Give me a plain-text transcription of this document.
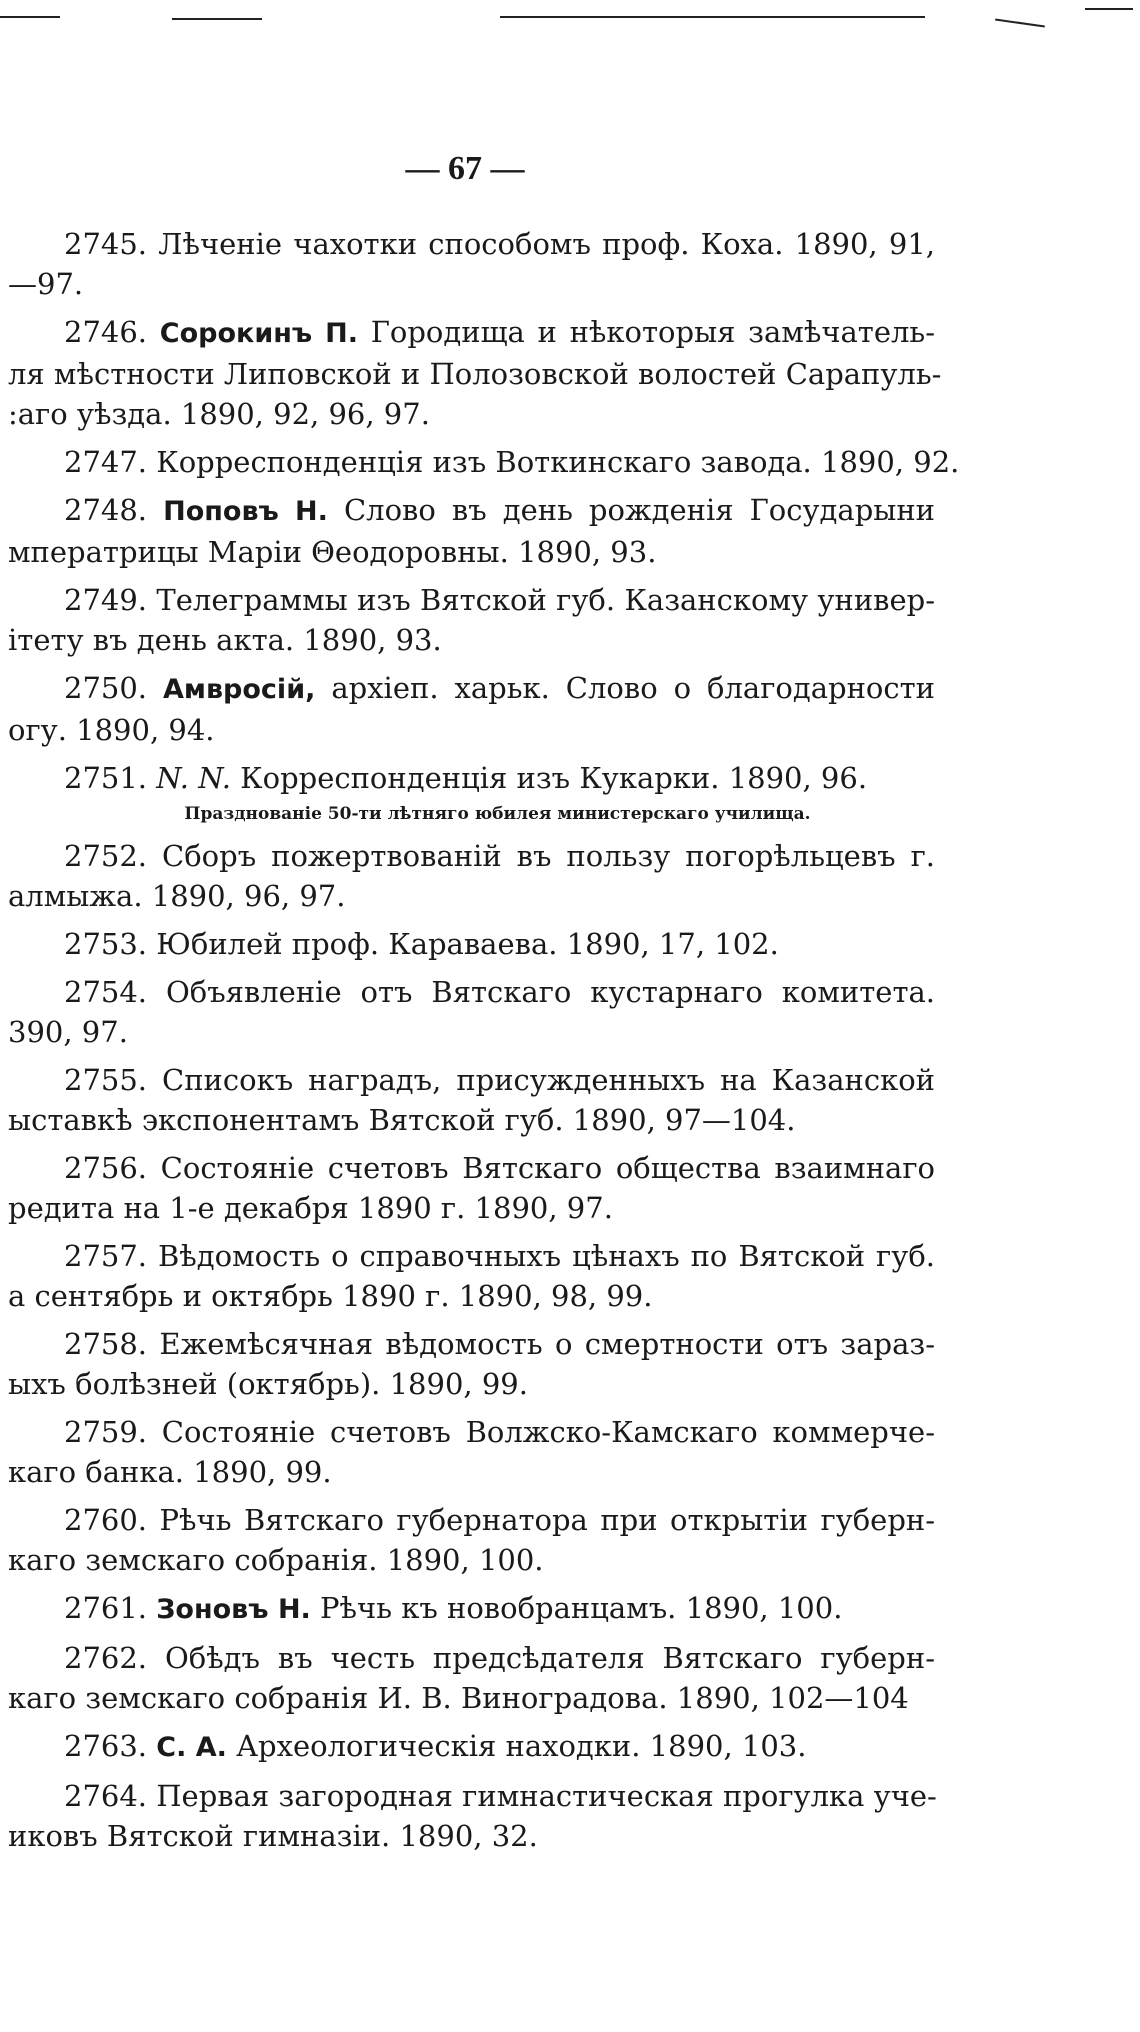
— 67 —
2745. Лѣченіе чахотки способомъ проф. Коха. 1890, 91,
—97.
2746. Сорокинъ П. Городища и нѣкоторыя замѣчатель-
ля мѣстности Липовской и Полозовской волостей Сарапуль-
:аго уѣзда. 1890, 92, 96, 97.
2747. Корреспонденція изъ Воткинскаго завода. 1890, 92.
2748. Поповъ Н. Слово въ день рожденія Государыни
мператрицы Маріи Θеодоровны. 1890, 93.
2749. Телеграммы изъ Вятской губ. Казанскому универ-
ітету въ день акта. 1890, 93.
2750. Амвросій, архіеп. харьк. Слово о благодарности
огу. 1890, 94.
2751. N. N. Корреспонденція изъ Кукарки. 1890, 96.
Празднованіе 50-ти лѣтняго юбилея министерскаго училища.
2752. Сборъ пожертвованій въ пользу погорѣльцевъ г.
алмыжа. 1890, 96, 97.
2753. Юбилей проф. Караваева. 1890, 17, 102.
2754. Объявленіе отъ Вятскаго кустарнаго комитета.
390, 97.
2755. Списокъ наградъ, присужденныхъ на Казанской
ыставкѣ экспонентамъ Вятской губ. 1890, 97—104.
2756. Состояніе счетовъ Вятскаго общества взаимнаго
редита на 1-е декабря 1890 г. 1890, 97.
2757. Вѣдомость о справочныхъ цѣнахъ по Вятской губ.
а сентябрь и октябрь 1890 г. 1890, 98, 99.
2758. Ежемѣсячная вѣдомость о смертности отъ зараз-
ыхъ болѣзней (октябрь). 1890, 99.
2759. Состояніе счетовъ Волжско-Камскаго коммерче-
каго банка. 1890, 99.
2760. Рѣчь Вятскаго губернатора при открытіи губерн-
каго земскаго собранія. 1890, 100.
2761. Зоновъ Н. Рѣчь къ новобранцамъ. 1890, 100.
2762. Обѣдъ въ честь предсѣдателя Вятскаго губерн-
каго земскаго собранія И. В. Виноградова. 1890, 102—104
2763. С. А. Археологическія находки. 1890, 103.
2764. Первая загородная гимнастическая прогулка уче-
иковъ Вятской гимназіи. 1890, 32.
